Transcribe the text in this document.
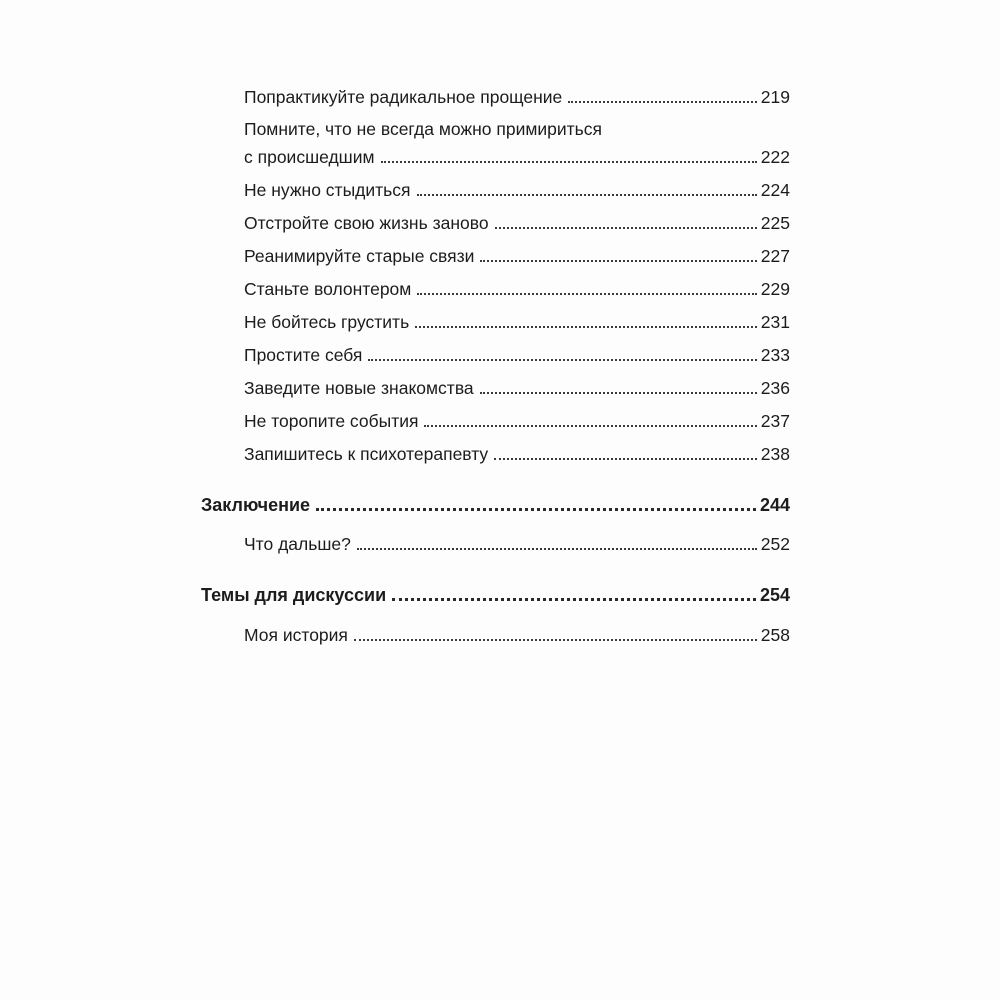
Попрактикуйте радикальное прощение	219
Помните, что не всегда можно примириться
с происшедшим	222
Не нужно стыдиться	224
Отстройте свою жизнь заново	225
Реанимируйте старые связи	227
Станьте волонтером	229
Не бойтесь грустить	231
Простите себя	233
Заведите новые знакомства	236
Не торопите события	237
Запишитесь к психотерапевту	238
Заключение	244
Что дальше?	252
Темы для дискуссии	254
Моя история	258
